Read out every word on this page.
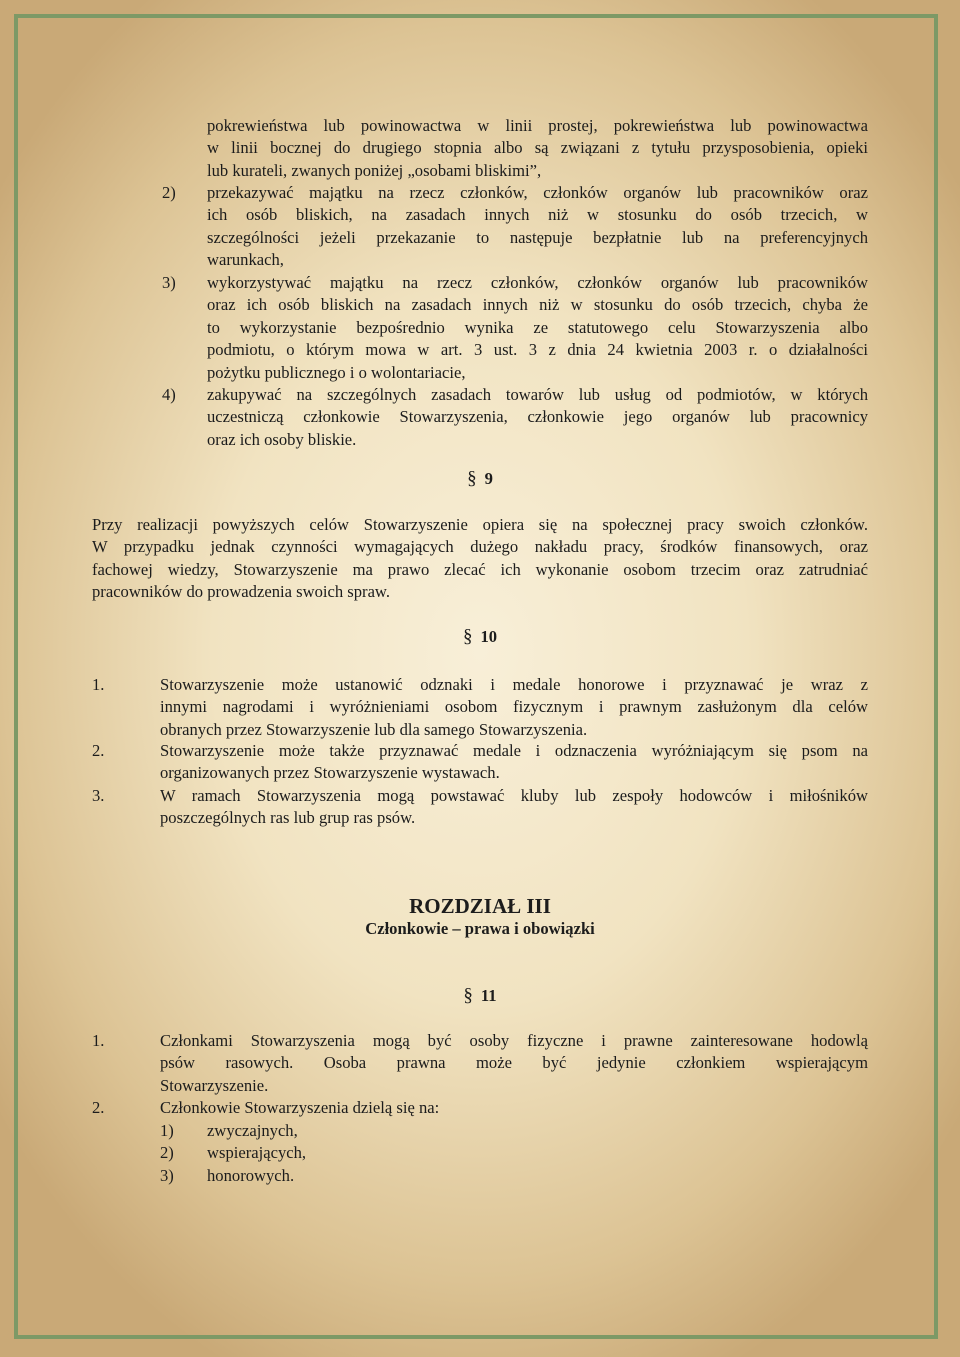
pokrewieństwa lub powinowactwa w linii prostej, pokrewieństwa lub powinowactwa
w linii bocznej do drugiego stopnia albo są związani z tytułu przysposobienia, opieki
lub kurateli, zwanych poniżej „osobami bliskimi”,
2) przekazywać majątku na rzecz członków, członków organów lub pracowników oraz
ich osób bliskich, na zasadach innych niż w stosunku do osób trzecich, w
szczególności jeżeli przekazanie to następuje bezpłatnie lub na preferencyjnych
warunkach,
3) wykorzystywać majątku na rzecz członków, członków organów lub pracowników
oraz ich osób bliskich na zasadach innych niż w stosunku do osób trzecich, chyba że
to wykorzystanie bezpośrednio wynika ze statutowego celu Stowarzyszenia albo
podmiotu, o którym mowa w art. 3 ust. 3 z dnia 24 kwietnia 2003 r. o działalności
pożytku publicznego i o wolontariacie,
4) zakupywać na szczególnych zasadach towarów lub usług od podmiotów, w których
uczestniczą członkowie Stowarzyszenia, członkowie jego organów lub pracownicy
oraz ich osoby bliskie.
§ 9
Przy realizacji powyższych celów Stowarzyszenie opiera się na społecznej pracy swoich członków.
W przypadku jednak czynności wymagających dużego nakładu pracy, środków finansowych, oraz
fachowej wiedzy, Stowarzyszenie ma prawo zlecać ich wykonanie osobom trzecim oraz zatrudniać
pracowników do prowadzenia swoich spraw.
§ 10
1.	Stowarzyszenie może ustanowić odznaki i medale honorowe i przyznawać je wraz z
innymi nagrodami i wyróżnieniami osobom fizycznym i prawnym zasłużonym dla celów
obranych przez Stowarzyszenie lub dla samego Stowarzyszenia.
2.	Stowarzyszenie może także przyznawać medale i odznaczenia wyróżniającym się psom na
organizowanych przez Stowarzyszenie wystawach.
3.	W ramach Stowarzyszenia mogą powstawać kluby lub zespoły hodowców i miłośników
poszczególnych ras lub grup ras psów.
ROZDZIAŁ III
Członkowie – prawa i obowiązki
§ 11
1.	Członkami Stowarzyszenia mogą być osoby fizyczne i prawne zainteresowane hodowlą
psów rasowych. Osoba prawna może być jedynie członkiem wspierającym
Stowarzyszenie.
2.	Członkowie Stowarzyszenia dzielą się na:
1) zwyczajnych,
2) wspierających,
3) honorowych.
